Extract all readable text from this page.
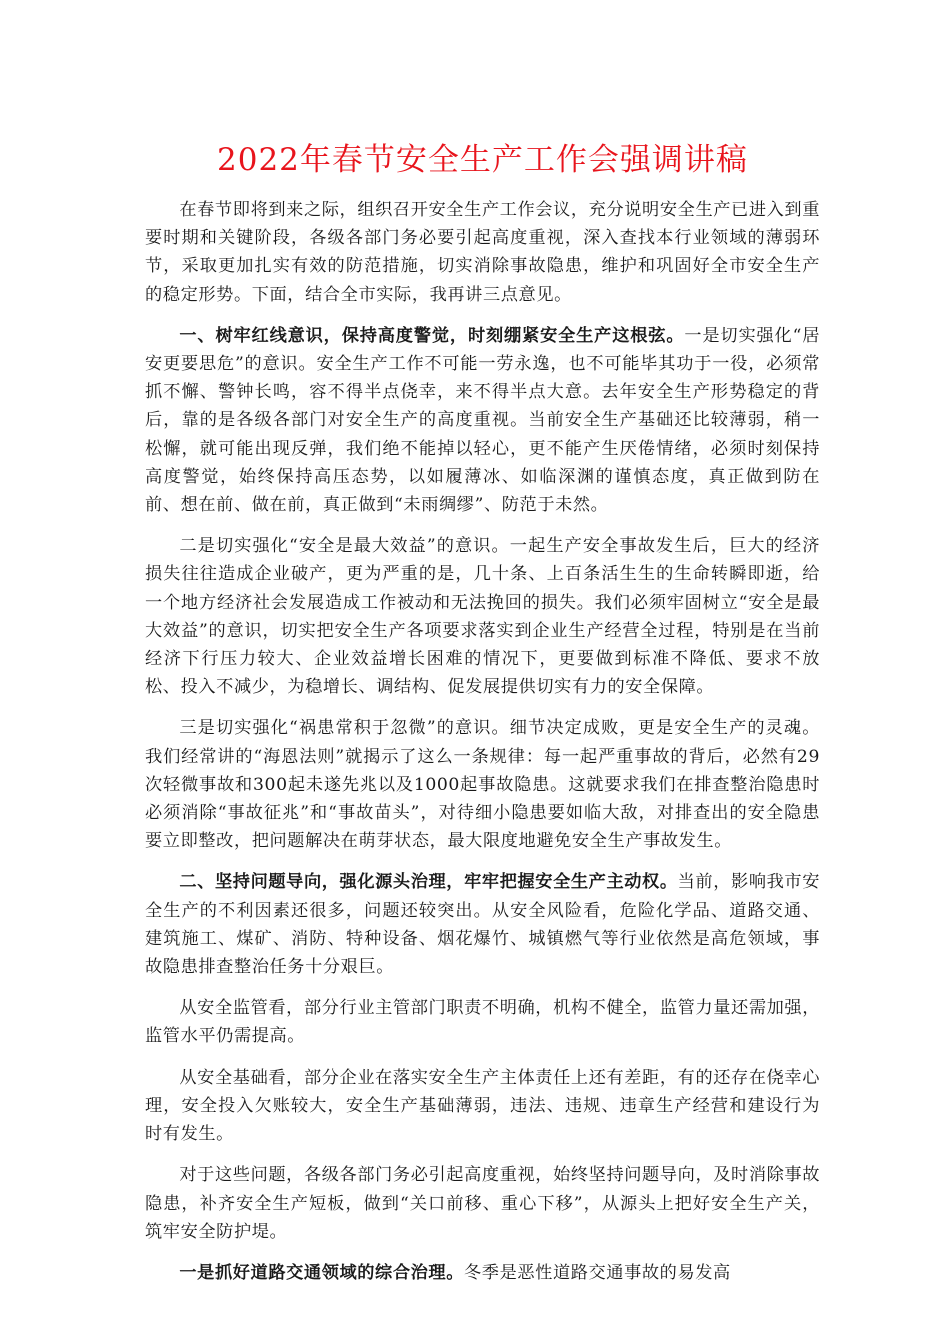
2022年春节安全生产工作会强调讲稿

在春节即将到来之际，组织召开安全生产工作会议，充分说明安全生产已进入到重要时期和关键阶段，各级各部门务必要引起高度重视，深入查找本行业领域的薄弱环节，采取更加扎实有效的防范措施，切实消除事故隐患，维护和巩固好全市安全生产的稳定形势。下面，结合全市实际，我再讲三点意见。

一、树牢红线意识，保持高度警觉，时刻绷紧安全生产这根弦。一是切实强化“居安更要思危”的意识。安全生产工作不可能一劳永逸，也不可能毕其功于一役，必须常抓不懈、警钟长鸣，容不得半点侥幸，来不得半点大意。去年安全生产形势稳定的背后，靠的是各级各部门对安全生产的高度重视。当前安全生产基础还比较薄弱，稍一松懈，就可能出现反弹，我们绝不能掉以轻心，更不能产生厌倦情绪，必须时刻保持高度警觉，始终保持高压态势，以如履薄冰、如临深渊的谨慎态度，真正做到防在前、想在前、做在前，真正做到“未雨绸缪”、防范于未然。

二是切实强化“安全是最大效益”的意识。一起生产安全事故发生后，巨大的经济损失往往造成企业破产，更为严重的是，几十条、上百条活生生的生命转瞬即逝，给一个地方经济社会发展造成工作被动和无法挽回的损失。我们必须牢固树立“安全是最大效益”的意识，切实把安全生产各项要求落实到企业生产经营全过程，特别是在当前经济下行压力较大、企业效益增长困难的情况下，更要做到标准不降低、要求不放松、投入不减少，为稳增长、调结构、促发展提供切实有力的安全保障。

三是切实强化“祸患常积于忽微”的意识。细节决定成败，更是安全生产的灵魂。我们经常讲的“海恩法则”就揭示了这么一条规律：每一起严重事故的背后，必然有29次轻微事故和300起未遂先兆以及1000起事故隐患。这就要求我们在排查整治隐患时必须消除“事故征兆”和“事故苗头”，对待细小隐患要如临大敌，对排查出的安全隐患要立即整改，把问题解决在萌芽状态，最大限度地避免安全生产事故发生。

二、坚持问题导向，强化源头治理，牢牢把握安全生产主动权。当前，影响我市安全生产的不利因素还很多，问题还较突出。从安全风险看，危险化学品、道路交通、建筑施工、煤矿、消防、特种设备、烟花爆竹、城镇燃气等行业依然是高危领域，事故隐患排查整治任务十分艰巨。

从安全监管看，部分行业主管部门职责不明确，机构不健全，监管力量还需加强，监管水平仍需提高。

从安全基础看，部分企业在落实安全生产主体责任上还有差距，有的还存在侥幸心理，安全投入欠账较大，安全生产基础薄弱，违法、违规、违章生产经营和建设行为时有发生。

对于这些问题，各级各部门务必引起高度重视，始终坚持问题导向，及时消除事故隐患，补齐安全生产短板，做到“关口前移、重心下移”，从源头上把好安全生产关，筑牢安全防护堤。

一是抓好道路交通领域的综合治理。冬季是恶性道路交通事故的易发高
